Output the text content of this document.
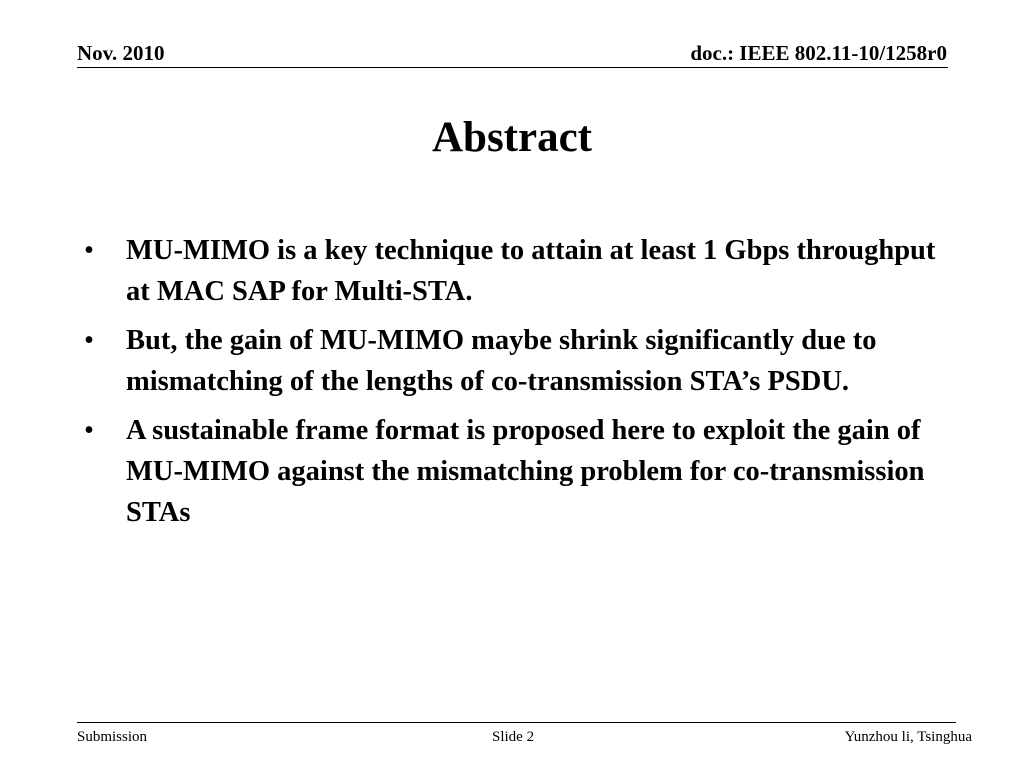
Nov. 2010	doc.: IEEE 802.11-10/1258r0
Abstract
•	MU-MIMO is a key technique to attain at least 1 Gbps throughput at MAC SAP for Multi-STA.
•	But, the gain of MU-MIMO maybe shrink significantly due to mismatching of the lengths of co-transmission STA’s PSDU.
•	A sustainable frame format is proposed here to exploit the gain of MU-MIMO against the mismatching problem for co-transmission STAs
Submission	Slide 2	Yunzhou li, Tsinghua
